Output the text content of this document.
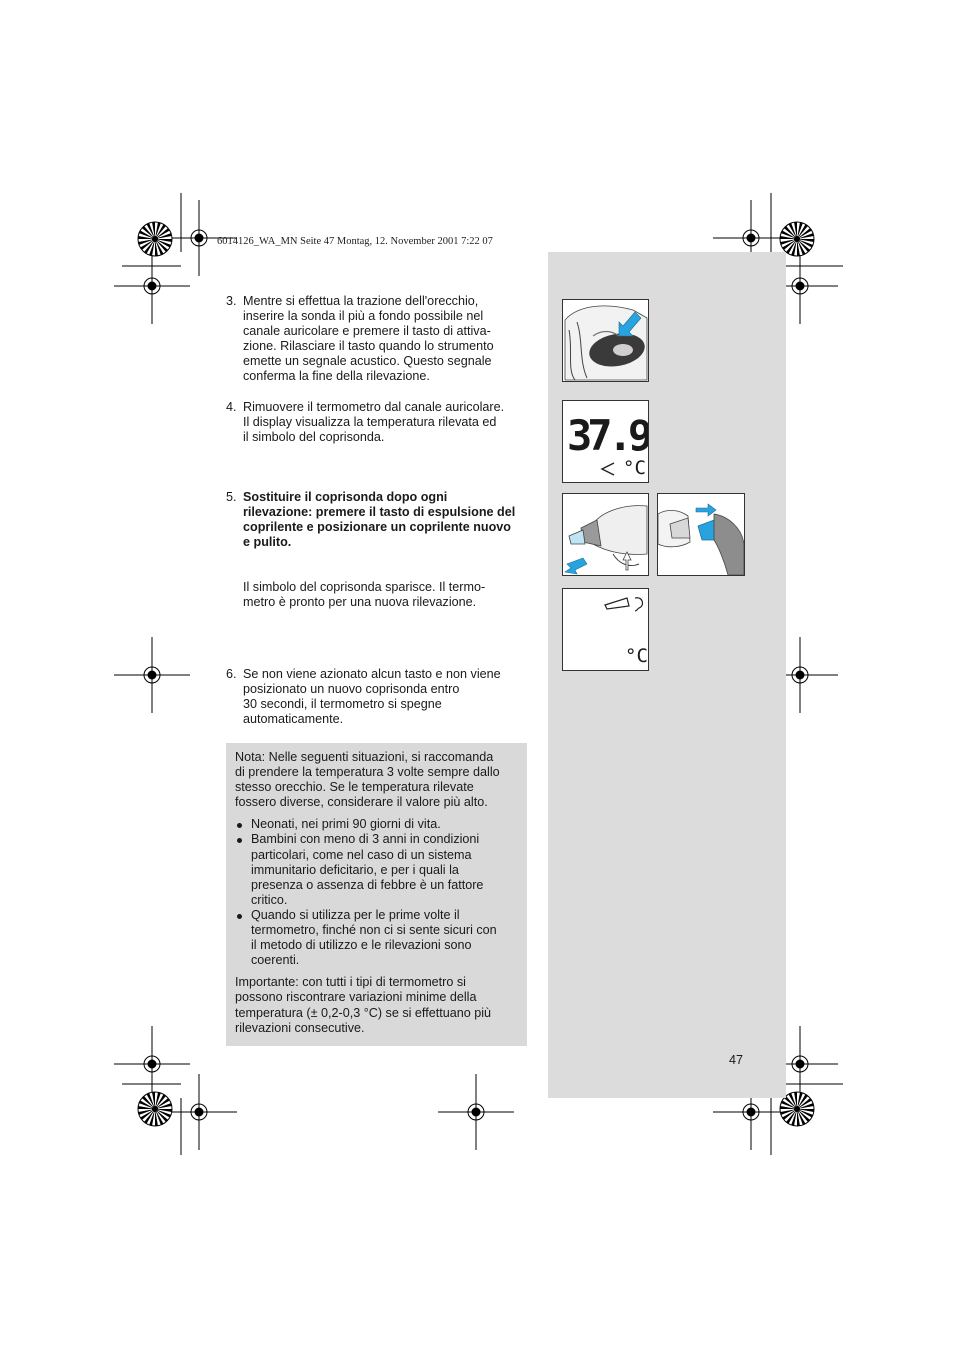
6014126_WA_MN Seite 47 Montag, 12. November 2001 7:22 07
3. Mentre si effettua la trazione dell'orecchio,
inserire la sonda il più a fondo possibile nel
canale auricolare e premere il tasto di attiva-
zione. Rilasciare il tasto quando lo strumento
emette un segnale acustico. Questo segnale
conferma la fine della rilevazione.
4. Rimuovere il termometro dal canale auricolare.
Il display visualizza la temperatura rilevata ed
il simbolo del coprisonda.
5. Sostituire il coprisonda dopo ogni
rilevazione: premere il tasto di espulsione del
coprilente e posizionare un coprilente nuovo
e pulito.
Il simbolo del coprisonda sparisce. Il termo-
metro è pronto per una nuova rilevazione.
6. Se non viene azionato alcun tasto e non viene
posizionato un nuovo coprisonda entro
30 secondi, il termometro si spegne
automaticamente.

Nota: Nelle seguenti situazioni, si raccomanda
di prendere la temperatura 3 volte sempre dallo
stesso orecchio. Se le temperatura rilevate
fossero diverse, considerare il valore più alto.

Neonati, nei primi 90 giorni di vita.
Bambini con meno di 3 anni in condizioni
particolari, come nel caso di un sistema
immunitario deficitario, e per i quali la
presenza o assenza di febbre è un fattore
critico.
Quando si utilizza per le prime volte il
termometro, finché non ci si sente sicuri con
il metodo di utilizzo e le rilevazioni sono
coerenti.

Importante: con tutti i tipi di termometro si
possono riscontrare variazioni minime della
temperatura (± 0,2-0,3 °C) se si effettuano più
rilevazioni consecutive.

37.9
°C
°C
47
